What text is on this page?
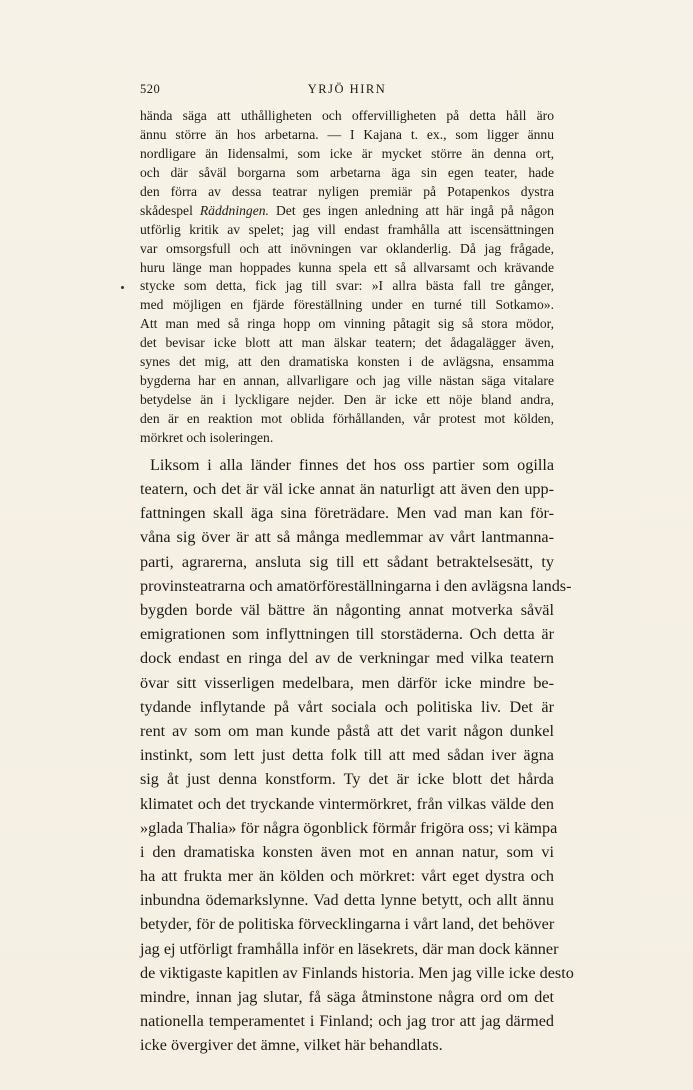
520	YRJÖ HIRN
hända säga att uthålligheten och offervilligheten på detta håll äro
ännu större än hos arbetarna. — I Kajana t. ex., som ligger ännu
nordligare än Iidensalmi, som icke är mycket större än denna ort,
och där såväl borgarna som arbetarna äga sin egen teater, hade
den förra av dessa teatrar nyligen premiär på Potapenkos dystra
skådespel Räddningen. Det ges ingen anledning att här ingå på någon
utförlig kritik av spelet; jag vill endast framhålla att iscensättningen
var omsorgsfull och att inövningen var oklanderlig. Då jag frågade,
huru länge man hoppades kunna spela ett så allvarsamt och krävande
stycke som detta, fick jag till svar: »I allra bästa fall tre gånger,
med möjligen en fjärde föreställning under en turné till Sotkamo».
Att man med så ringa hopp om vinning påtagit sig så stora mödor,
det bevisar icke blott att man älskar teatern; det ådagalägger även,
synes det mig, att den dramatiska konsten i de avlägsna, ensamma
bygderna har en annan, allvarligare och jag ville nästan säga vitalare
betydelse än i lyckligare nejder. Den är icke ett nöje bland andra,
den är en reaktion mot oblida förhållanden, vår protest mot kölden,
mörkret och isoleringen.
Liksom i alla länder finnes det hos oss partier som ogilla
teatern, och det är väl icke annat än naturligt att även den upp-
fattningen skall äga sina företrädare. Men vad man kan för-
våna sig över är att så många medlemmar av vårt lantmanna-
parti, agrarerna, ansluta sig till ett sådant betraktelsesätt, ty
provinsteatrarna och amatörföreställningarna i den avlägsna lands-
bygden borde väl bättre än någonting annat motverka såväl
emigrationen som inflyttningen till storstäderna. Och detta är
dock endast en ringa del av de verkningar med vilka teatern
övar sitt visserligen medelbara, men därför icke mindre be-
tydande inflytande på vårt sociala och politiska liv. Det är
rent av som om man kunde påstå att det varit någon dunkel
instinkt, som lett just detta folk till att med sådan iver ägna
sig åt just denna konstform. Ty det är icke blott det hårda
klimatet och det tryckande vintermörkret, från vilkas välde den
»glada Thalia» för några ögonblick förmår frigöra oss; vi kämpa
i den dramatiska konsten även mot en annan natur, som vi
ha att frukta mer än kölden och mörkret: vårt eget dystra och
inbundna ödemarkslynne. Vad detta lynne betytt, och allt ännu
betyder, för de politiska förvecklingarna i vårt land, det behöver
jag ej utförligt framhålla inför en läsekrets, där man dock känner
de viktigaste kapitlen av Finlands historia. Men jag ville icke desto
mindre, innan jag slutar, få säga åtminstone några ord om det
nationella temperamentet i Finland; och jag tror att jag därmed
icke övergiver det ämne, vilket här behandlats.
